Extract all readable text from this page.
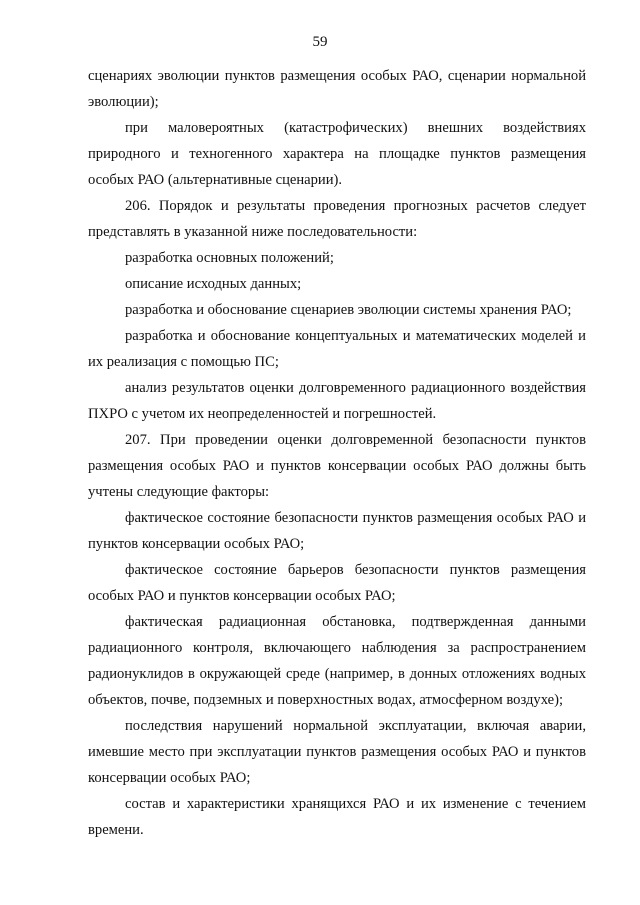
59

сценариях эволюции пунктов размещения особых РАО, сценарии нормальной эволюции);

при маловероятных (катастрофических) внешних воздействиях природного и техногенного характера на площадке пунктов размещения особых РАО (альтернативные сценарии).

206. Порядок и результаты проведения прогнозных расчетов следует представлять в указанной ниже последовательности:

разработка основных положений;

описание исходных данных;

разработка и обоснование сценариев эволюции системы хранения РАО;

разработка и обоснование концептуальных и математических моделей и их реализация с помощью ПС;

анализ результатов оценки долговременного радиационного воздействия ПХРО с учетом их неопределенностей и погрешностей.

207. При проведении оценки долговременной безопасности пунктов размещения особых РАО и пунктов консервации особых РАО должны быть учтены следующие факторы:

фактическое состояние безопасности пунктов размещения особых РАО и пунктов консервации особых РАО;

фактическое состояние барьеров безопасности пунктов размещения особых РАО и пунктов консервации особых РАО;

фактическая радиационная обстановка, подтвержденная данными радиационного контроля, включающего наблюдения за распространением радионуклидов в окружающей среде (например, в донных отложениях водных объектов, почве, подземных и поверхностных водах, атмосферном воздухе);

последствия нарушений нормальной эксплуатации, включая аварии, имевшие место при эксплуатации пунктов размещения особых РАО и пунктов консервации особых РАО;

состав и характеристики хранящихся РАО и их изменение с течением времени.
